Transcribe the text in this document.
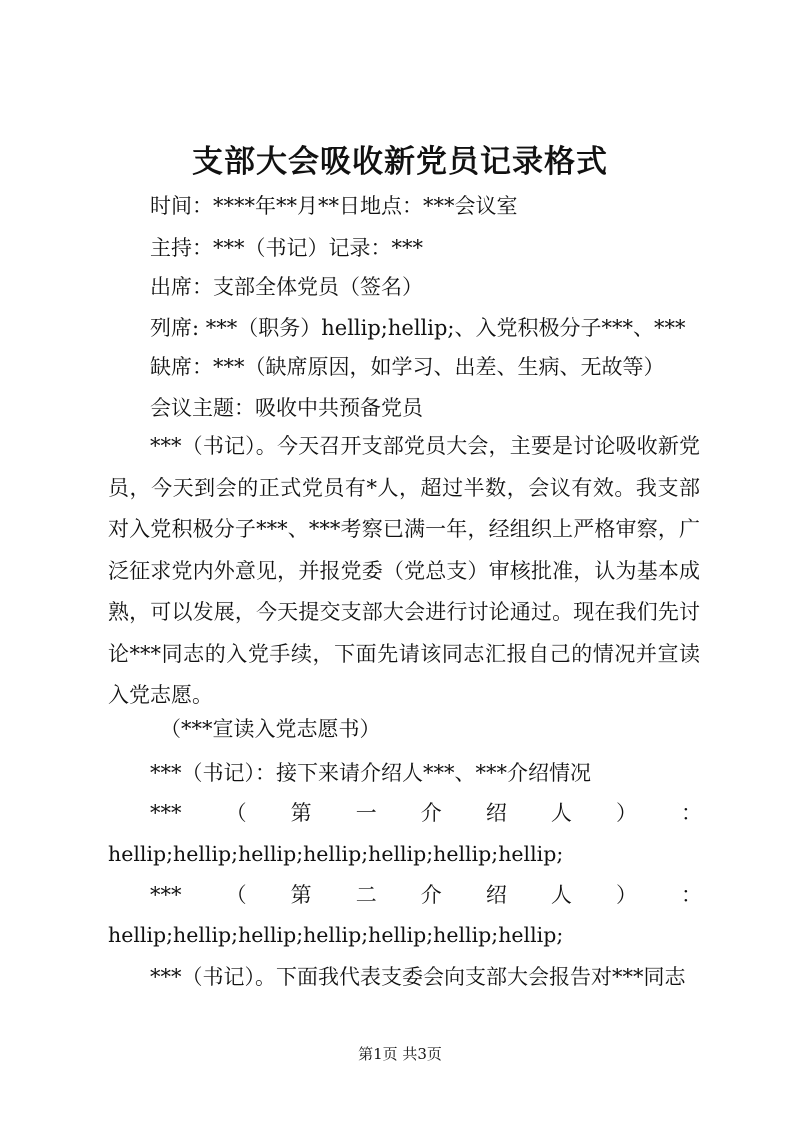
支部大会吸收新党员记录格式
时间：****年**月**日地点：***会议室
主持：***（书记）记录：***
出席：支部全体党员（签名）
列席: ***（职务）hellip;hellip;、入党积极分子***、***
缺席：***（缺席原因，如学习、出差、生病、无故等）
会议主题：吸收中共预备党员

***（书记）。今天召开支部党员大会，主要是讨论吸收新党员，今天到会的正式党员有*人，超过半数，会议有效。我支部对入党积极分子***、***考察已满一年，经组织上严格审察，广泛征求党内外意见，并报党委（党总支）审核批准，认为基本成熟，可以发展，今天提交支部大会进行讨论通过。现在我们先讨论***同志的入党手续，下面先请该同志汇报自己的情况并宣读入党志愿。

（***宣读入党志愿书）
***（书记）：接下来请介绍人***、***介绍情况
*** （ 第 一 介 绍 人 ） ：
hellip;hellip;hellip;hellip;hellip;hellip;hellip;
*** （ 第 二 介 绍 人 ） ：
hellip;hellip;hellip;hellip;hellip;hellip;hellip;
***（书记）。下面我代表支委会向支部大会报告对***同志
第1页 共3页
